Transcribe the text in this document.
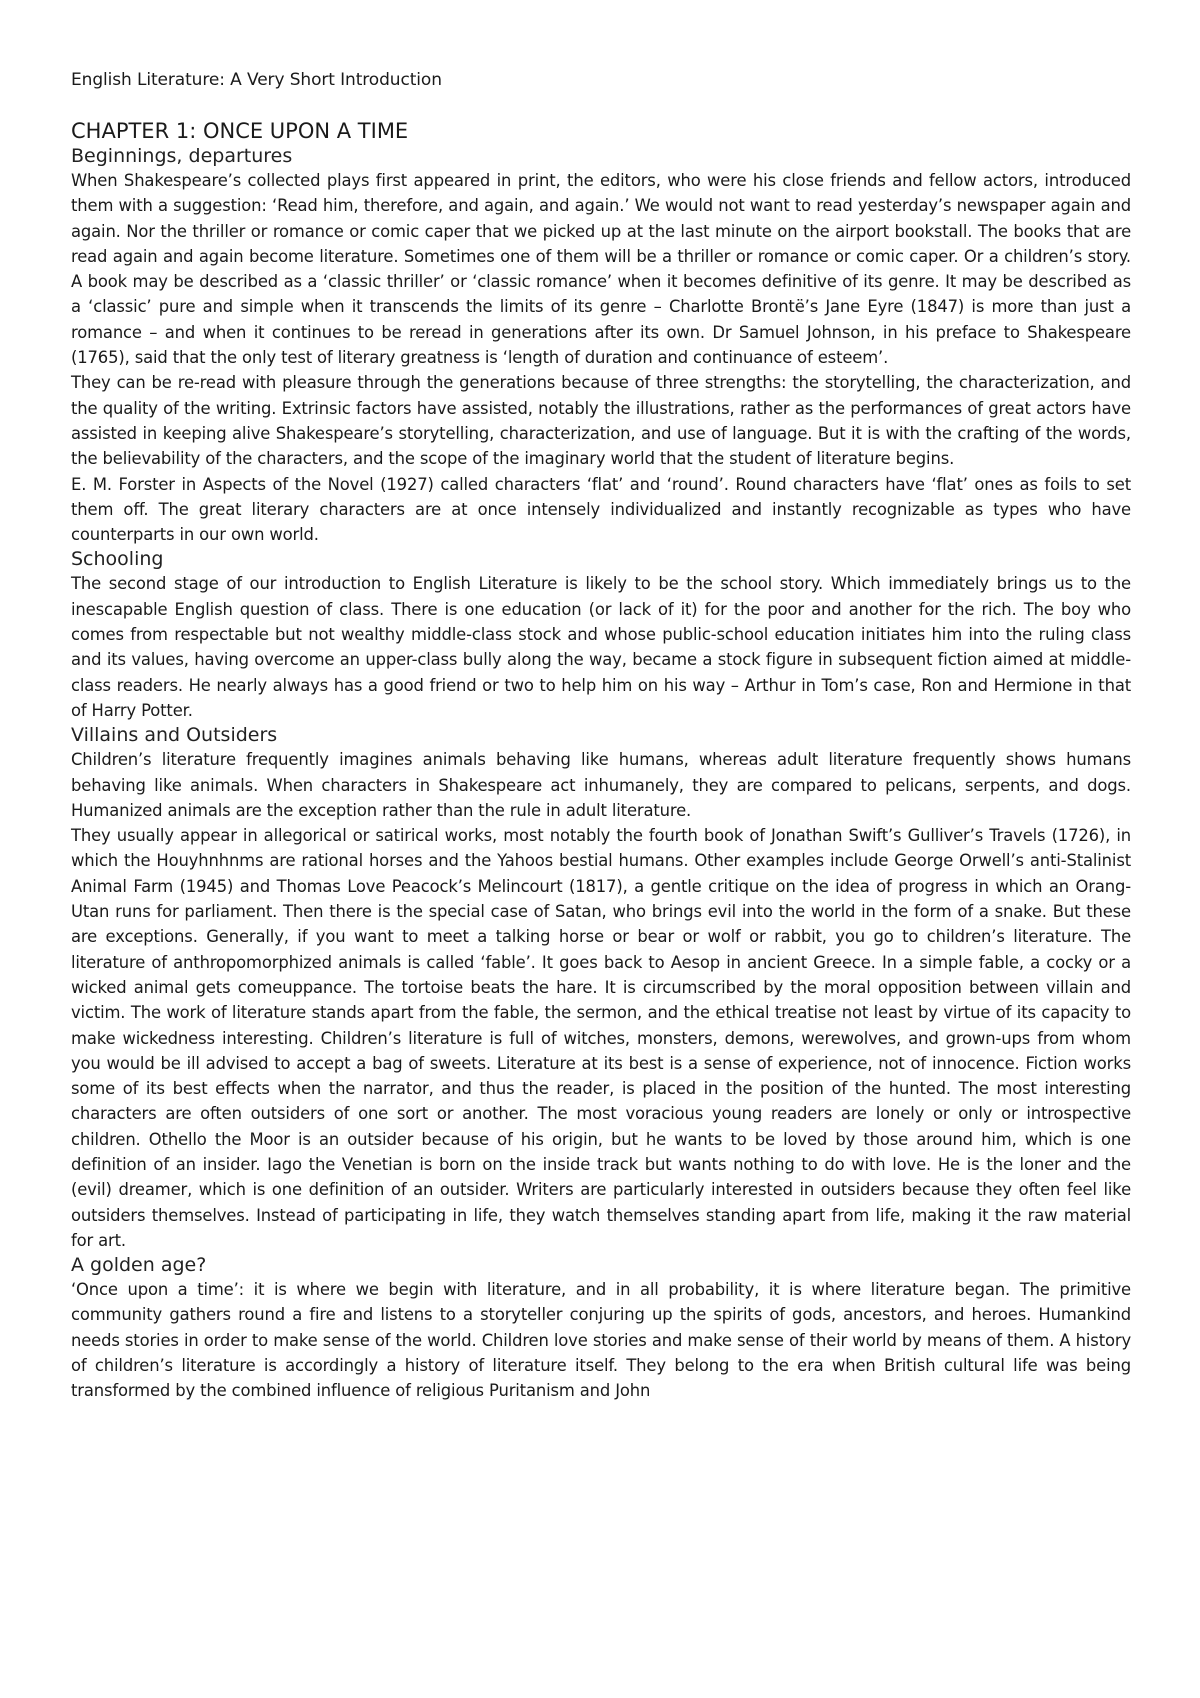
English Literature: A Very Short Introduction
CHAPTER 1: ONCE UPON A TIME
Beginnings, departures

When Shakespeare’s collected plays first appeared in print, the editors, who were his close friends and fellow actors, introduced them with a suggestion: ‘Read him, therefore, and again, and again.’ We would not want to read yesterday’s newspaper again and again. Nor the thriller or romance or comic caper that we picked up at the last minute on the airport bookstall. The books that are read again and again become literature. Sometimes one of them will be a thriller or romance or comic caper. Or a children’s story. A book may be described as a ‘classic thriller’ or ‘classic romance’ when it becomes definitive of its genre. It may be described as a ‘classic’ pure and simple when it transcends the limits of its genre – Charlotte Brontë’s Jane Eyre (1847) is more than just a romance – and when it continues to be reread in generations after its own. Dr Samuel Johnson, in his preface to Shakespeare (1765), said that the only test of literary greatness is ‘length of duration and continuance of esteem’.

They can be re-read with pleasure through the generations because of three strengths: the storytelling, the characterization, and the quality of the writing. Extrinsic factors have assisted, notably the illustrations, rather as the performances of great actors have assisted in keeping alive Shakespeare’s storytelling, characterization, and use of language. But it is with the crafting of the words, the believability of the characters, and the scope of the imaginary world that the student of literature begins.

E. M. Forster in Aspects of the Novel (1927) called characters ‘flat’ and ‘round’. Round characters have ‘flat’ ones as foils to set them off. The great literary characters are at once intensely individualized and instantly recognizable as types who have counterparts in our own world.

Schooling

The second stage of our introduction to English Literature is likely to be the school story. Which immediately brings us to the inescapable English question of class. There is one education (or lack of it) for the poor and another for the rich. The boy who comes from respectable but not wealthy middle-class stock and whose public-school education initiates him into the ruling class and its values, having overcome an upper-class bully along the way, became a stock figure in subsequent fiction aimed at middle-class readers. He nearly always has a good friend or two to help him on his way – Arthur in Tom’s case, Ron and Hermione in that of Harry Potter.

Villains and Outsiders

Children’s literature frequently imagines animals behaving like humans, whereas adult literature frequently shows humans behaving like animals. When characters in Shakespeare act inhumanely, they are compared to pelicans, serpents, and dogs. Humanized animals are the exception rather than the rule in adult literature.

They usually appear in allegorical or satirical works, most notably the fourth book of Jonathan Swift’s Gulliver’s Travels (1726), in which the Houyhnhnms are rational horses and the Yahoos bestial humans. Other examples include George Orwell’s anti-Stalinist Animal Farm (1945) and Thomas Love Peacock’s Melincourt (1817), a gentle critique on the idea of progress in which an Orang-Utan runs for parliament. Then there is the special case of Satan, who brings evil into the world in the form of a snake. But these are exceptions. Generally, if you want to meet a talking horse or bear or wolf or rabbit, you go to children’s literature. The literature of anthropomorphized animals is called ‘fable’. It goes back to Aesop in ancient Greece. In a simple fable, a cocky or a wicked animal gets comeuppance. The tortoise beats the hare. It is circumscribed by the moral opposition between villain and victim. The work of literature stands apart from the fable, the sermon, and the ethical treatise not least by virtue of its capacity to make wickedness interesting. Children’s literature is full of witches, monsters, demons, werewolves, and grown-ups from whom you would be ill advised to accept a bag of sweets. Literature at its best is a sense of experience, not of innocence. Fiction works some of its best effects when the narrator, and thus the reader, is placed in the position of the hunted. The most interesting characters are often outsiders of one sort or another. The most voracious young readers are lonely or only or introspective children. Othello the Moor is an outsider because of his origin, but he wants to be loved by those around him, which is one definition of an insider. Iago the Venetian is born on the inside track but wants nothing to do with love. He is the loner and the (evil) dreamer, which is one definition of an outsider. Writers are particularly interested in outsiders because they often feel like outsiders themselves. Instead of participating in life, they watch themselves standing apart from life, making it the raw material for art.

A golden age?

‘Once upon a time’: it is where we begin with literature, and in all probability, it is where literature began. The primitive community gathers round a fire and listens to a storyteller conjuring up the spirits of gods, ancestors, and heroes. Humankind needs stories in order to make sense of the world. Children love stories and make sense of their world by means of them. A history of children’s literature is accordingly a history of literature itself. They belong to the era when British cultural life was being transformed by the combined influence of religious Puritanism and John
